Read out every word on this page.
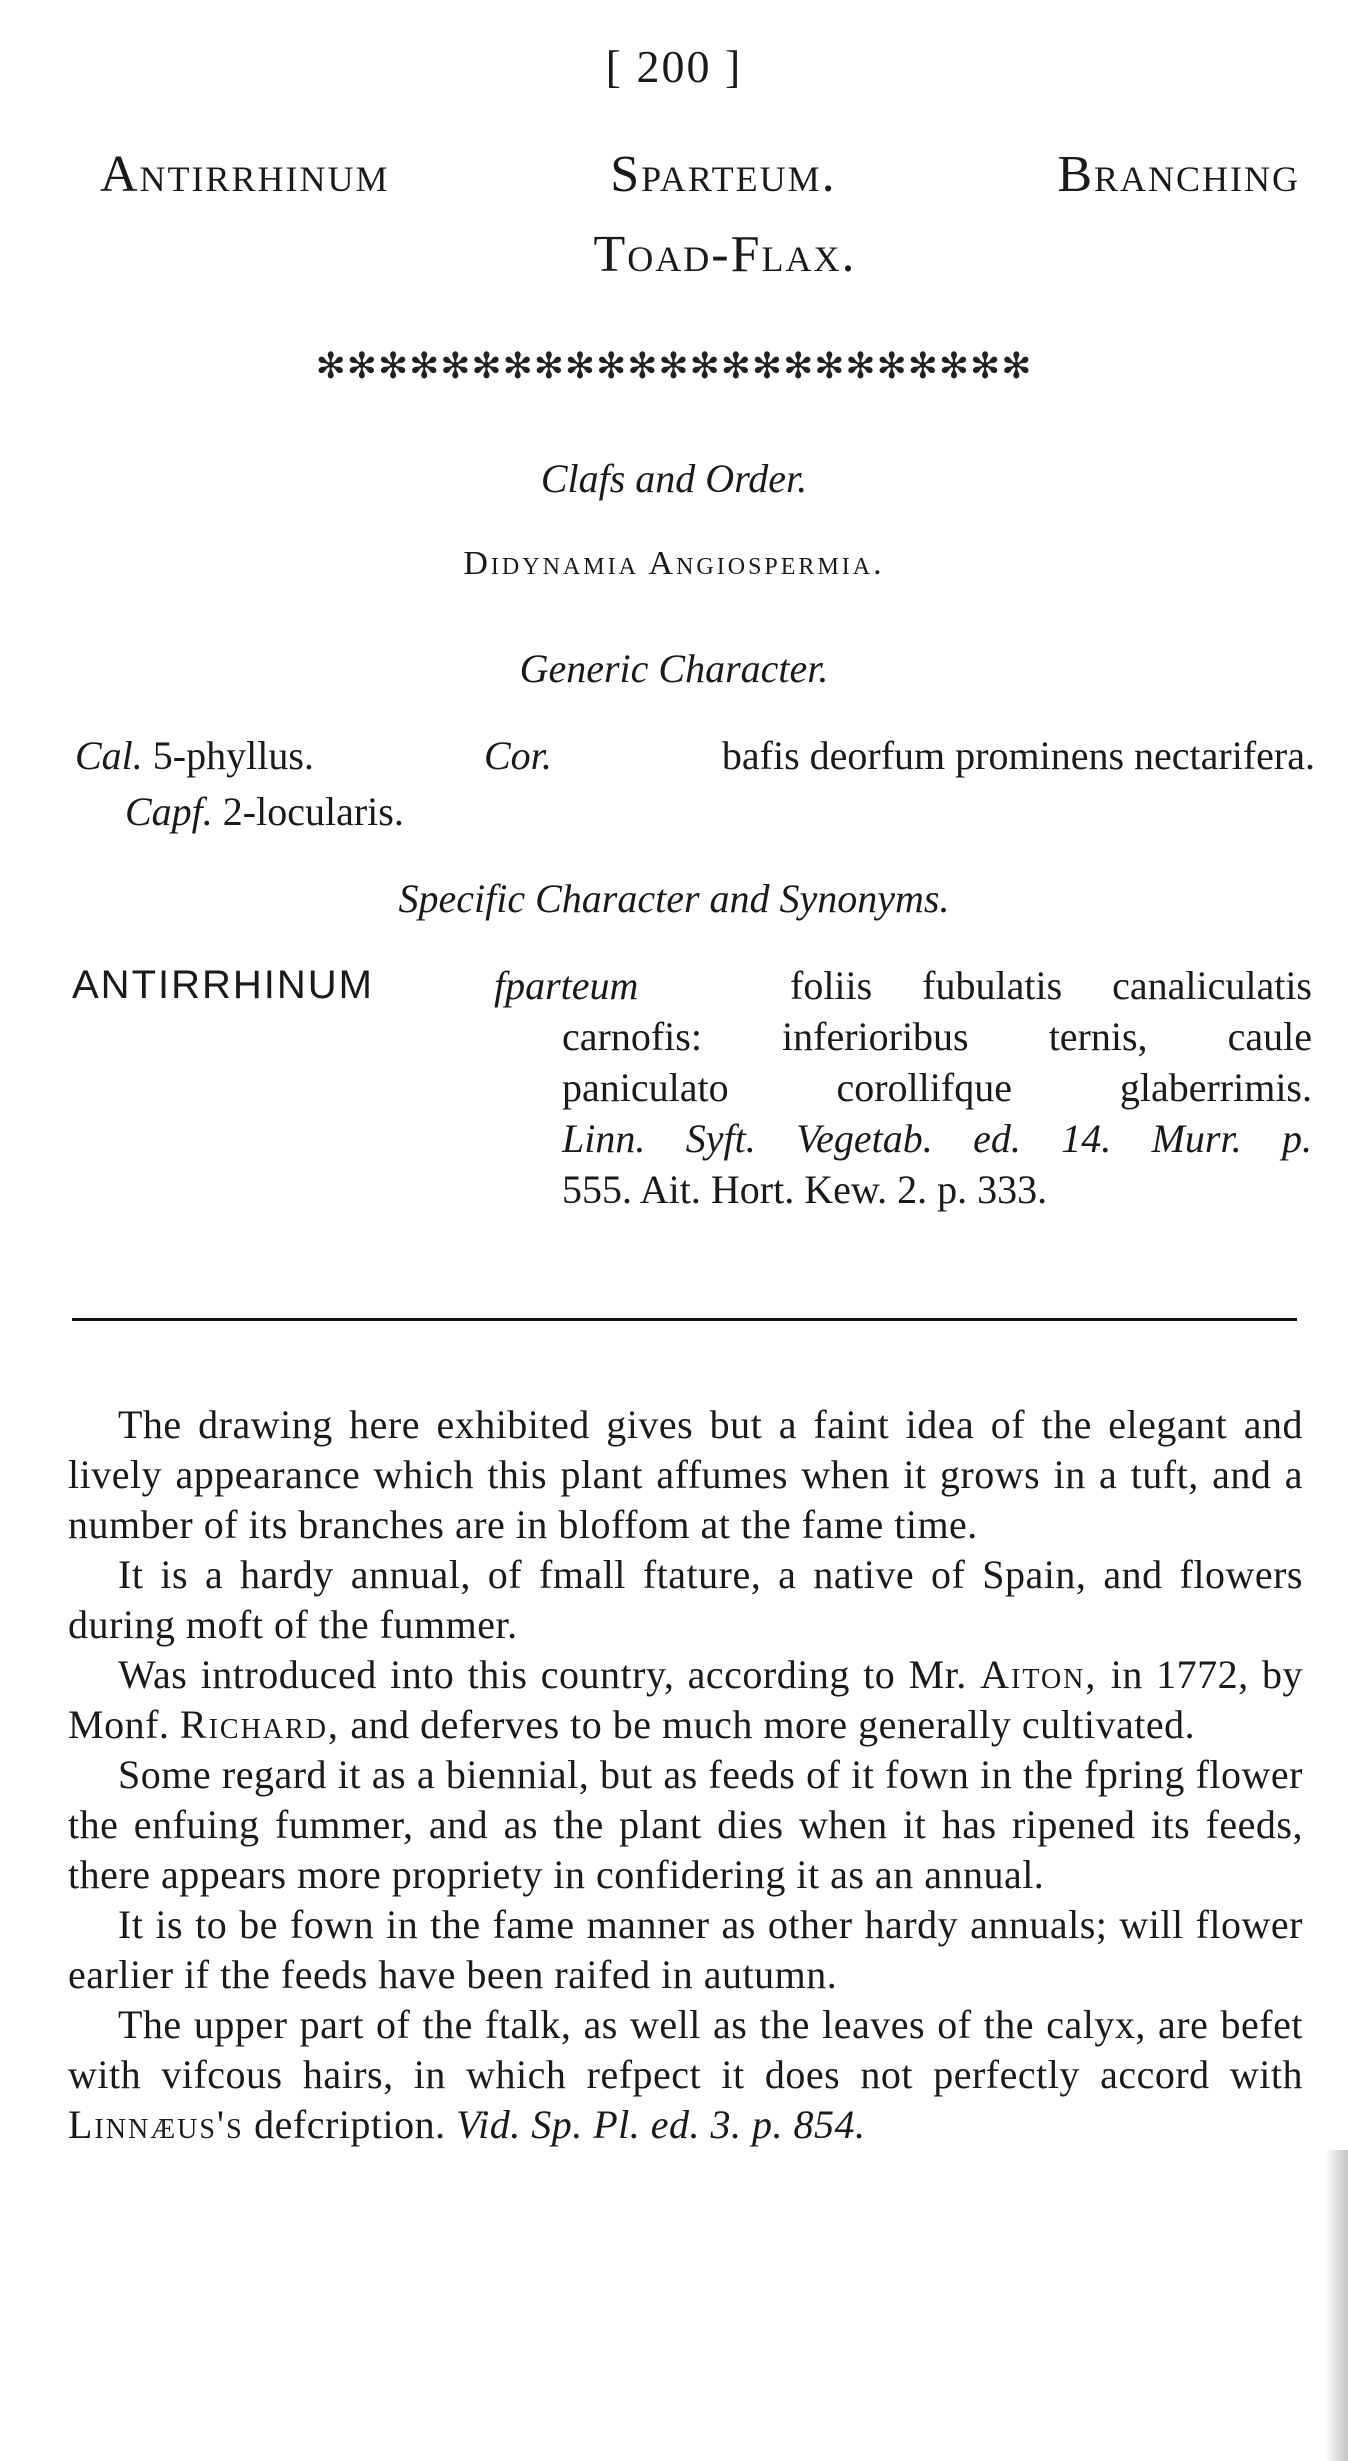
[ 200 ]
Antirrhinum	Sparteum.	Branching
Toad-Flax.
✻✻✻✻✻✻✻✻✻✻✻✻✻✻✻✻✻✻✻✻✻✻✻
Clafs and Order.
Didynamia Angiospermia.
Generic Character.
Cal. 5-phyllus.	Cor.	bafis deorfum prominens nectarifera.
Capf. 2-locularis.
Specific Character and Synonyms.
ANTIRRHINUM	fparteum	foliis fubulatis canaliculatis
carnofis: inferioribus ternis, caule
paniculato corollifque glaberrimis.
Linn. Syft. Vegetab. ed. 14. Murr. p.
555. Ait. Hort. Kew. 2. p. 333.

The drawing here exhibited gives but a faint idea of the elegant and lively appearance which this plant affumes when it grows in a tuft, and a number of its branches are in bloffom at the fame time.

It is a hardy annual, of fmall ftature, a native of Spain, and flowers during moft of the fummer.

Was introduced into this country, according to Mr. Aiton, in 1772, by Monf. Richard, and deferves to be much more generally cultivated.

Some regard it as a biennial, but as feeds of it fown in the fpring flower the enfuing fummer, and as the plant dies when it has ripened its feeds, there appears more propriety in confidering it as an annual.

It is to be fown in the fame manner as other hardy annuals; will flower earlier if the feeds have been raifed in autumn.

The upper part of the ftalk, as well as the leaves of the calyx, are befet with vifcous hairs, in which refpect it does not perfectly accord with Linnæus's defcription. Vid. Sp. Pl. ed. 3. p. 854.
